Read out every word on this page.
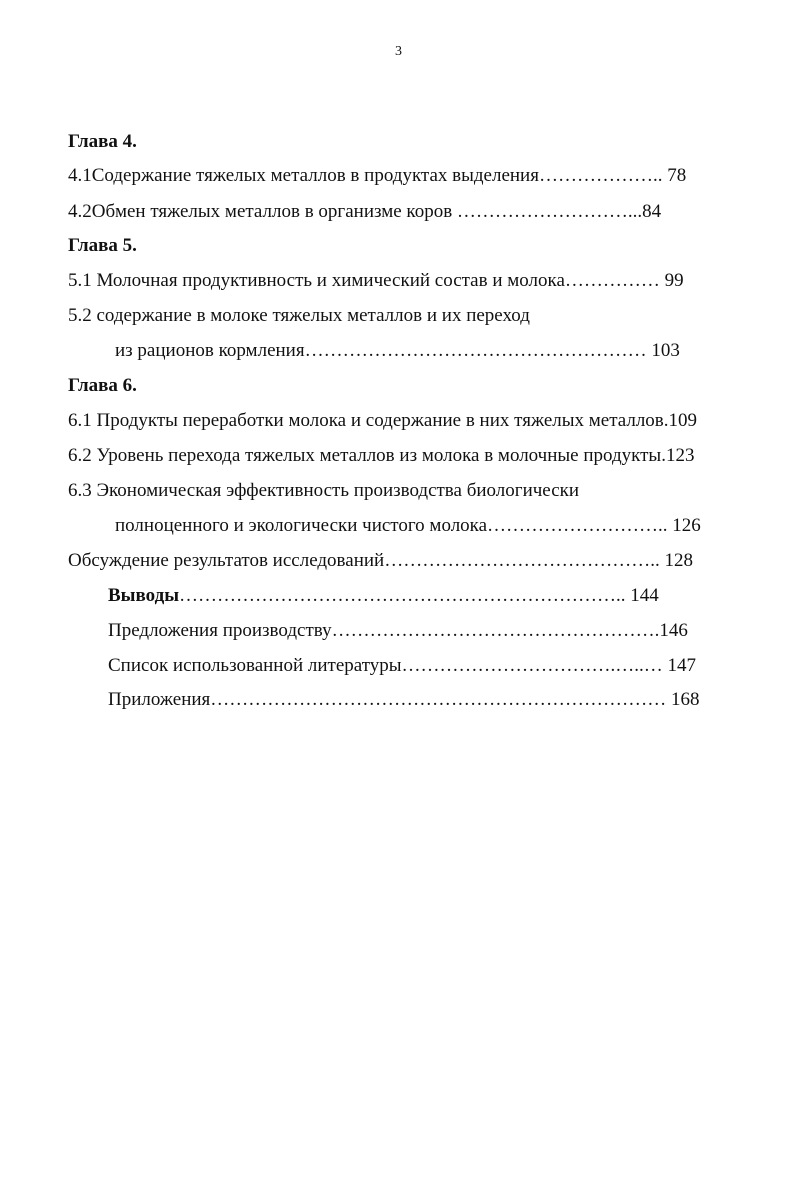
3
Глава 4.
4.1Содержание тяжелых металлов в продуктах выделения……………….. 78
4.2Обмен тяжелых металлов в организме коров ………………………...84
Глава 5.
5.1 Молочная продуктивность и химический состав и молока…………… 99
5.2 содержание в молоке тяжелых металлов и их переход
из рационов кормления……………………………………………… 103
Глава 6.
6.1 Продукты переработки молока и содержание в них тяжелых металлов.109
6.2 Уровень перехода тяжелых металлов из молока в молочные продукты.123
6.3 Экономическая эффективность производства биологически
полноценного и экологически чистого молока……………………….. 126
Обсуждение результатов исследований…………………………………….. 128
Выводы…………………………………………………………….. 144
Предложения производству…………………………………………….146
Список использованной литературы…………………………….…..… 147
Приложения……………………………………………………………… 168
